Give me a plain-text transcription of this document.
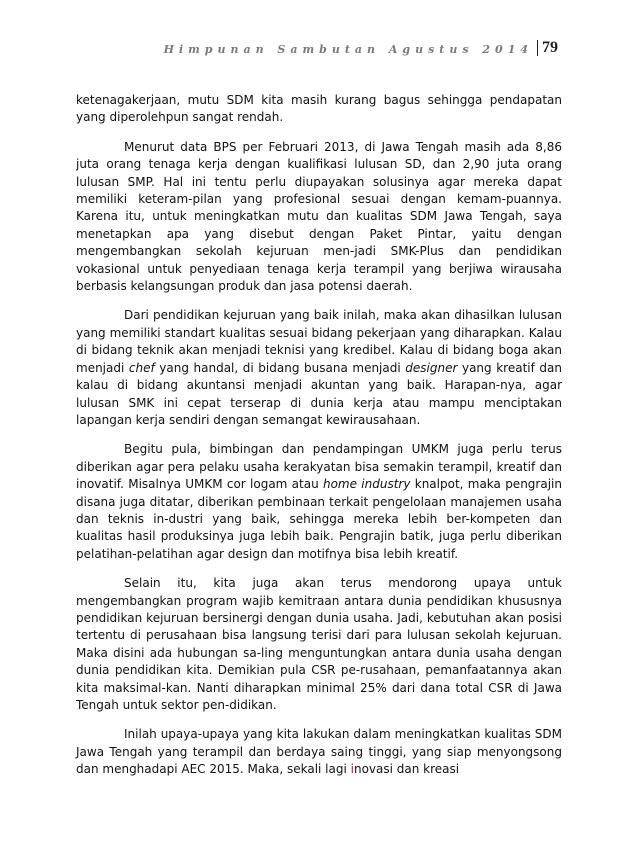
Himpunan Sambutan Agustus 2014 79

ketenagakerjaan, mutu SDM kita masih kurang bagus sehingga pendapatan yang diperolehpun sangat rendah.

Menurut data BPS per Februari 2013, di Jawa Tengah masih ada 8,86 juta orang tenaga kerja dengan kualifikasi lulusan SD, dan 2,90 juta orang lulusan SMP. Hal ini tentu perlu diupayakan solusinya agar mereka dapat memiliki keteram-pilan yang profesional sesuai dengan kemam-puannya. Karena itu, untuk meningkatkan mutu dan kualitas SDM Jawa Tengah, saya menetapkan apa yang disebut dengan Paket Pintar, yaitu dengan mengembangkan sekolah kejuruan men-jadi SMK-Plus dan pendidikan vokasional untuk penyediaan tenaga kerja terampil yang berjiwa wirausaha berbasis kelangsungan produk dan jasa potensi daerah.

Dari pendidikan kejuruan yang baik inilah, maka akan dihasilkan lulusan yang memiliki standart kualitas sesuai bidang pekerjaan yang diharapkan. Kalau di bidang teknik akan menjadi teknisi yang kredibel. Kalau di bidang boga akan menjadi chef yang handal, di bidang busana menjadi designer yang kreatif dan kalau di bidang akuntansi menjadi akuntan yang baik. Harapan-nya, agar lulusan SMK ini cepat terserap di dunia kerja atau mampu menciptakan lapangan kerja sendiri dengan semangat kewirausahaan.

Begitu pula, bimbingan dan pendampingan UMKM juga perlu terus diberikan agar pera pelaku usaha kerakyatan bisa semakin terampil, kreatif dan inovatif. Misalnya UMKM cor logam atau home industry knalpot, maka pengrajin disana juga ditatar, diberikan pembinaan terkait pengelolaan manajemen usaha dan teknis in-dustri yang baik, sehingga mereka lebih ber-kompeten dan kualitas hasil produksinya juga lebih baik. Pengrajin batik, juga perlu diberikan pelatihan-pelatihan agar design dan motifnya bisa lebih kreatif.

Selain itu, kita juga akan terus mendorong upaya untuk mengembangkan program wajib kemitraan antara dunia pendidikan khususnya pendidikan kejuruan bersinergi dengan dunia usaha. Jadi, kebutuhan akan posisi tertentu di perusahaan bisa langsung terisi dari para lulusan sekolah kejuruan. Maka disini ada hubungan sa-ling menguntungkan antara dunia usaha dengan dunia pendidikan kita. Demikian pula CSR pe-rusahaan, pemanfaatannya akan kita maksimal-kan. Nanti diharapkan minimal 25% dari dana total CSR di Jawa Tengah untuk sektor pen-didikan.

Inilah upaya-upaya yang kita lakukan dalam meningkatkan kualitas SDM Jawa Tengah yang terampil dan berdaya saing tinggi, yang siap menyongsong dan menghadapi AEC 2015. Maka, sekali lagi inovasi dan kreasi
